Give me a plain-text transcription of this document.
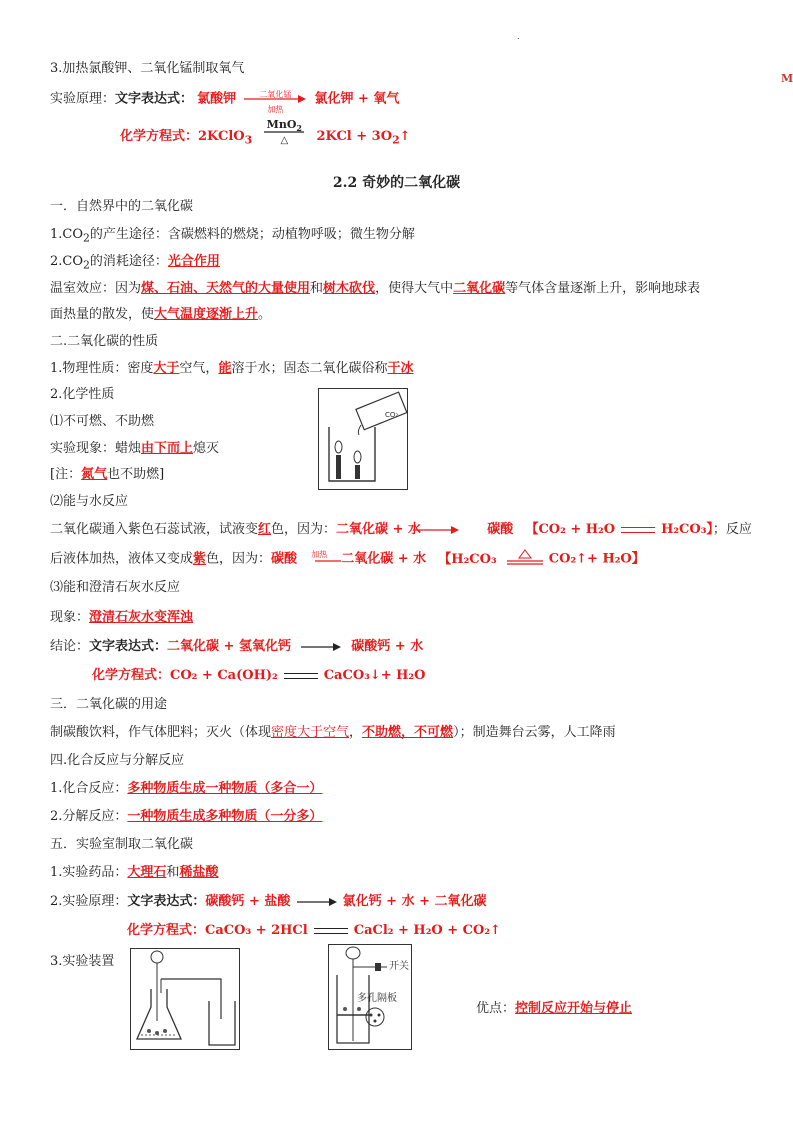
.
M
3.加热氯酸钾、二氧化锰制取氧气
实验原理：文字表达式： 氯酸钾	二氧化锰
加热
氯化钾 + 氧气
化学方程式：2KClO$_3$
MnO$_2$
△	$2KCl + 3O_2↑$
2.2 奇妙的二氧化碳
一．自然界中的二氧化碳
$1.CO_2$的产生途径：含碳燃料的燃烧；动植物呼吸；微生物分解
$2.CO_2$的消耗途径：光合作用
温室效应：因为煤、石油、天然气的大量使用和树木砍伐，使得大气中二氧化碳等气体含量逐渐上升，影响地球表
面热量的散发，使大气温度逐渐上升。
二.二氧化碳的性质
1.物理性质：密度大于空气，能溶于水；固态二氧化碳俗称干冰
2.化学性质
⑴不可燃、不助燃
实验现象：蜡烛由下而上熄灭
[注：氮气也不助燃]
CO₂
⑵能与水反应
二氧化碳通入紫色石蕊试液，试液变红色，因为：二氧化碳 + 水	碳酸 【CO₂ + H₂O	H₂CO₃】；反应
后液体加热，液体又变成紫色，因为：碳酸 加热 二氧化碳 + 水 【H₂CO₃	CO₂↑+ H₂O】
⑶能和澄清石灰水反应
现象：澄清石灰水变浑浊
结论：文字表达式：二氧化碳 + 氢氧化钙	碳酸钙 + 水
化学方程式：CO₂ + Ca(OH)₂	CaCO₃↓+ H₂O
三．二氧化碳的用途
制碳酸饮料，作气体肥料；灭火（体现密度大于空气，不助燃，不可燃）；制造舞台云雾，人工降雨
四.化合反应与分解反应
1.化合反应：多种物质生成一种物质（多合一）
2.分解反应：一种物质生成多种物质（一分多）
五．实验室制取二氧化碳
1.实验药品：大理石和稀盐酸
2.实验原理：文字表达式：碳酸钙 + 盐酸	氯化钙 + 水 + 二氧化碳
化学方程式：CaCO₃ + 2HCl	CaCl₂ + H₂O + CO₂↑
3.实验装置	开关
多孔隔板
优点：控制反应开始与停止
